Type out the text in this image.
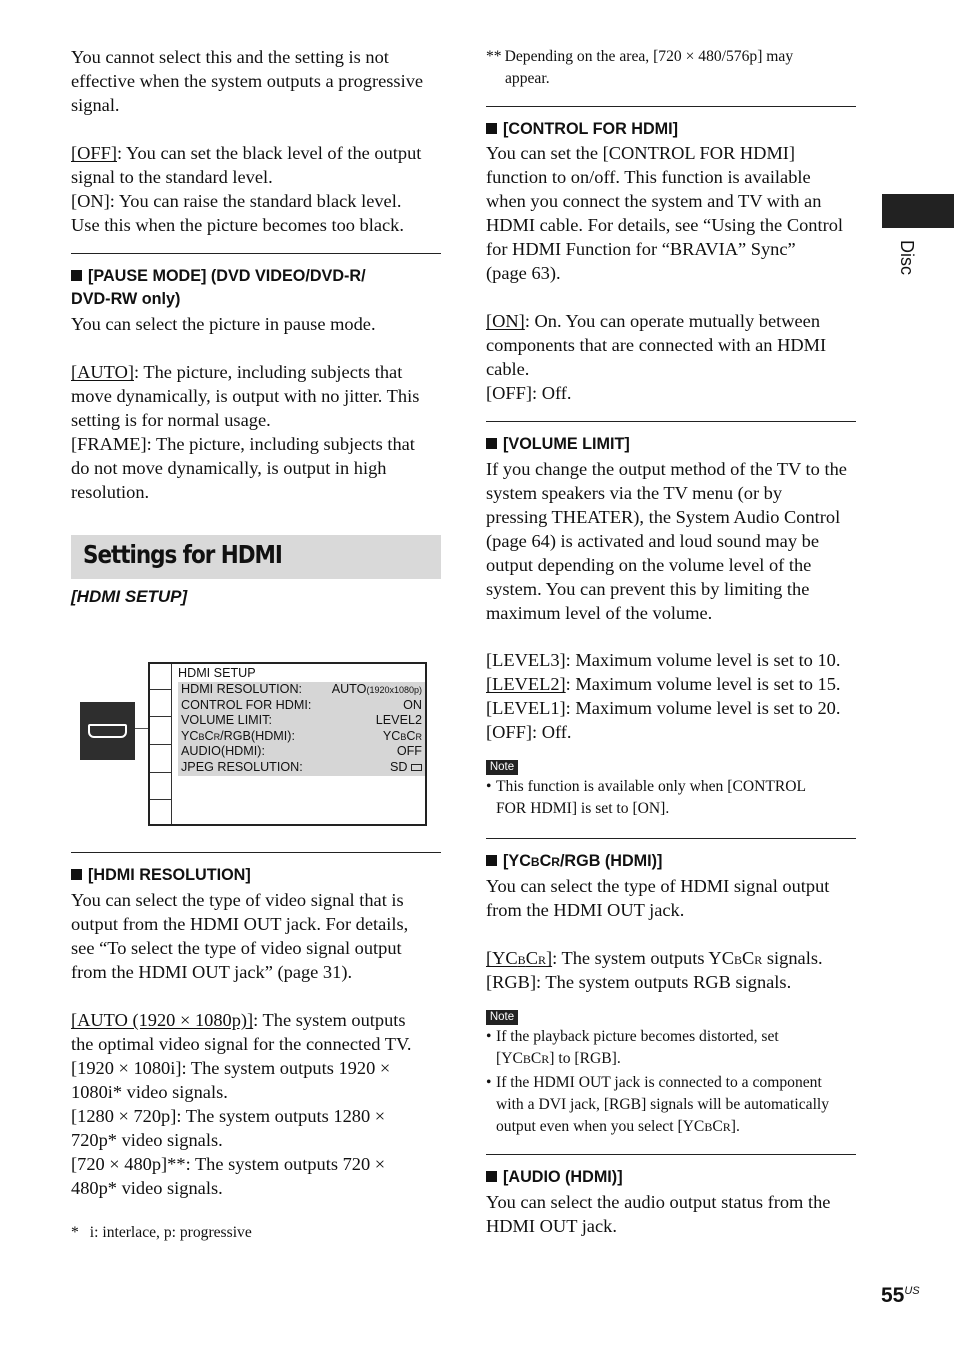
You cannot select this and the setting is not
effective when the system outputs a progressive
signal.
[OFF]: You can set the black level of the output
signal to the standard level.
[ON]: You can raise the standard black level.
Use this when the picture becomes too black.
[PAUSE MODE] (DVD VIDEO/DVD-R/
DVD-RW only)
You can select the picture in pause mode.
[AUTO]: The picture, including subjects that
move dynamically, is output with no jitter. This
setting is for normal usage.
[FRAME]: The picture, including subjects that
do not move dynamically, is output in high
resolution.
Settings for HDMI
[HDMI SETUP]
HDMI SETUP
HDMI RESOLUTION: AUTO(1920x1080p)
CONTROL FOR HDMI:	ON
VOLUME LIMIT:	LEVEL2
YCBCR/RGB(HDMI):	YCBCR
AUDIO(HDMI):	OFF
JPEG RESOLUTION:	SD
[HDMI RESOLUTION]
You can select the type of video signal that is
output from the HDMI OUT jack. For details,
see “To select the type of video signal output
from the HDMI OUT jack” (page 31).
[AUTO (1920 × 1080p)]: The system outputs
the optimal video signal for the connected TV.
[1920 × 1080i]: The system outputs 1920 ×
1080i* video signals.
[1280 × 720p]: The system outputs 1280 ×
720p* video signals.
[720 × 480p]**: The system outputs 720 ×
480p* video signals.
* i: interlace, p: progressive
** Depending on the area, [720 × 480/576p] may
appear.
[CONTROL FOR HDMI]
You can set the [CONTROL FOR HDMI]
function to on/off. This function is available
when you connect the system and TV with an
HDMI cable. For details, see “Using the Control
for HDMI Function for “BRAVIA” Sync”
(page 63).
[ON]: On. You can operate mutually between
components that are connected with an HDMI
cable.
[OFF]: Off.
[VOLUME LIMIT]
If you change the output method of the TV to the
system speakers via the TV menu (or by
pressing THEATER), the System Audio Control
(page 64) is activated and loud sound may be
output depending on the volume level of the
system. You can prevent this by limiting the
maximum level of the volume.
[LEVEL3]: Maximum volume level is set to 10.
[LEVEL2]: Maximum volume level is set to 15.
[LEVEL1]: Maximum volume level is set to 20.
[OFF]: Off.
Note
• This function is available only when [CONTROL
FOR HDMI] is set to [ON].
[YCBCR/RGB (HDMI)]
You can select the type of HDMI signal output
from the HDMI OUT jack.
[YCBCR]: The system outputs YCBCR signals.
[RGB]: The system outputs RGB signals.
Note
• If the playback picture becomes distorted, set
[YCBCR] to [RGB].
• If the HDMI OUT jack is connected to a component
with a DVI jack, [RGB] signals will be automatically
output even when you select [YCBCR].
[AUDIO (HDMI)]
You can select the audio output status from the
HDMI OUT jack.
Disc
$55^{US}$
